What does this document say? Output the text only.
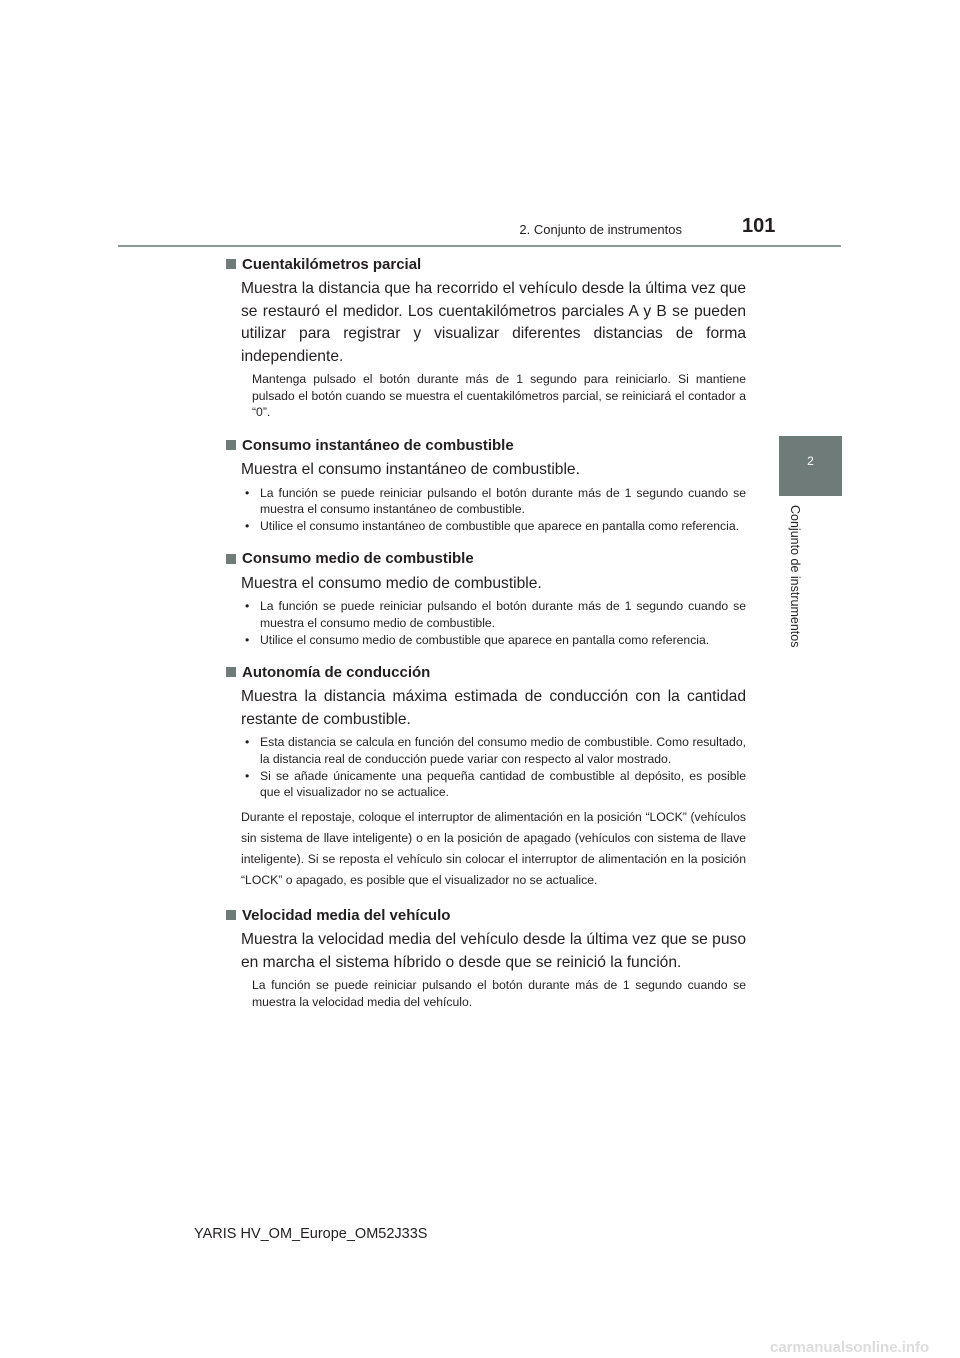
2. Conjunto de instrumentos	101
2
Conjunto de instrumentos
Cuentakilómetros parcial
Muestra la distancia que ha recorrido el vehículo desde la última vez que se restauró el medidor. Los cuentakilómetros parciales A y B se pueden utilizar para registrar y visualizar diferentes distancias de forma independiente.
Mantenga pulsado el botón durante más de 1 segundo para reiniciarlo. Si mantiene pulsado el botón cuando se muestra el cuentakilómetros parcial, se reiniciará el contador a “0”.
Consumo instantáneo de combustible
Muestra el consumo instantáneo de combustible.
• La función se puede reiniciar pulsando el botón durante más de 1 segundo cuando se muestra el consumo instantáneo de combustible.
• Utilice el consumo instantáneo de combustible que aparece en pantalla como referencia.
Consumo medio de combustible
Muestra el consumo medio de combustible.
• La función se puede reiniciar pulsando el botón durante más de 1 segundo cuando se muestra el consumo medio de combustible.
• Utilice el consumo medio de combustible que aparece en pantalla como referencia.
Autonomía de conducción
Muestra la distancia máxima estimada de conducción con la cantidad restante de combustible.
• Esta distancia se calcula en función del consumo medio de combustible. Como resultado, la distancia real de conducción puede variar con respecto al valor mostrado.
• Si se añade únicamente una pequeña cantidad de combustible al depósito, es posible que el visualizador no se actualice.
Durante el repostaje, coloque el interruptor de alimentación en la posición “LOCK” (vehículos sin sistema de llave inteligente) o en la posición de apagado (vehículos con sistema de llave inteligente). Si se reposta el vehículo sin colocar el interruptor de alimentación en la posición “LOCK” o apagado, es posible que el visualizador no se actualice.
Velocidad media del vehículo
Muestra la velocidad media del vehículo desde la última vez que se puso en marcha el sistema híbrido o desde que se reinició la función.
La función se puede reiniciar pulsando el botón durante más de 1 segundo cuando se muestra la velocidad media del vehículo.
YARIS HV_OM_Europe_OM52J33S
carmanualsonline.info
